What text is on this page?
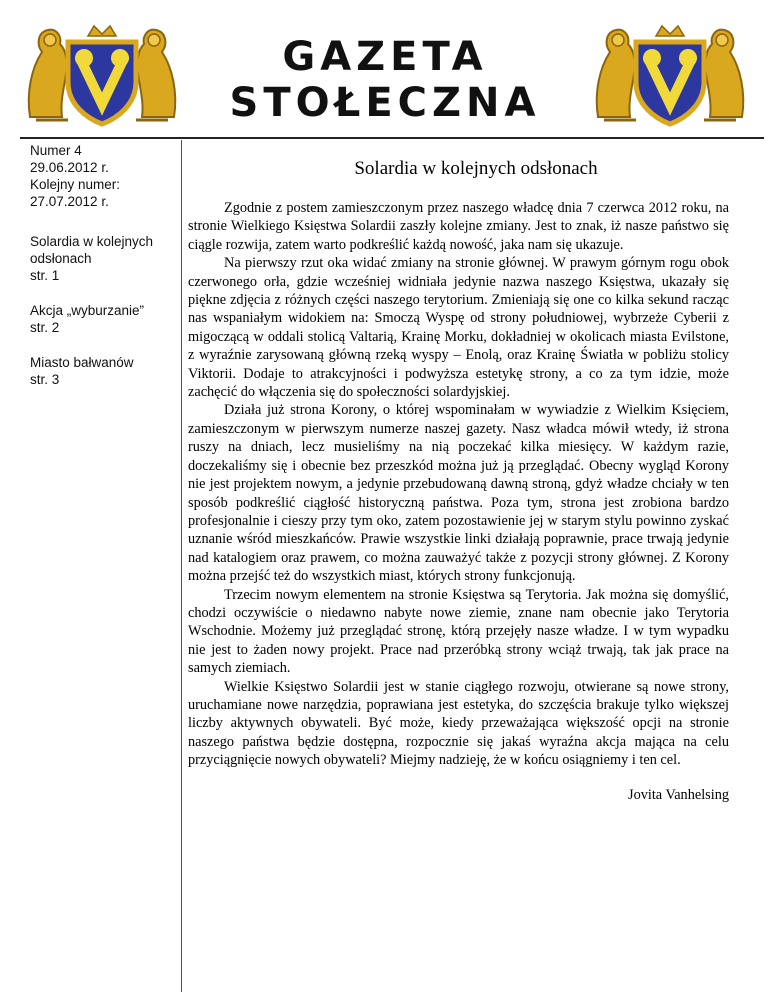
GAZETA
STOŁECZNA
Numer 4
29.06.2012 r.
Kolejny numer:
27.07.2012 r.
Solardia w kolejnych
odsłonach
str. 1
Akcja „wyburzanie”
str. 2
Miasto bałwanów
str. 3
Solardia w kolejnych odsłonach

Zgodnie z postem zamieszczonym przez naszego władcę dnia 7 czerwca 2012 roku, na stronie Wielkiego Księstwa Solardii zaszły kolejne zmiany. Jest to znak, iż nasze państwo się ciągle rozwija, zatem warto podkreślić każdą nowość, jaka nam się ukazuje.

Na pierwszy rzut oka widać zmiany na stronie głównej. W prawym górnym rogu obok czerwonego orła, gdzie wcześniej widniała jedynie nazwa naszego Księstwa, ukazały się piękne zdjęcia z różnych części naszego terytorium. Zmieniają się one co kilka sekund racząc nas wspaniałym widokiem na: Smoczą Wyspę od strony południowej, wybrzeże Cyberii z migoczącą w oddali stolicą Valtarią, Krainę Morku, dokładniej w okolicach miasta Evilstone, z wyraźnie zarysowaną główną rzeką wyspy – Enolą, oraz Krainę Światła w pobliżu stolicy Viktorii. Dodaje to atrakcyjności i podwyższa estetykę strony, a co za tym idzie, może zachęcić do włączenia się do społeczności solardyjskiej.

Działa już strona Korony, o której wspominałam w wywiadzie z Wielkim Księciem, zamieszczonym w pierwszym numerze naszej gazety. Nasz władca mówił wtedy, iż strona ruszy na dniach, lecz musieliśmy na nią poczekać kilka miesięcy. W każdym razie, doczekaliśmy się i obecnie bez przeszkód można już ją przeglądać. Obecny wygląd Korony nie jest projektem nowym, a jedynie przebudowaną dawną stroną, gdyż władze chciały w ten sposób podkreślić ciągłość historyczną państwa. Poza tym, strona jest zrobiona bardzo profesjonalnie i cieszy przy tym oko, zatem pozostawienie jej w starym stylu powinno zyskać uznanie wśród mieszkańców. Prawie wszystkie linki działają poprawnie, prace trwają jedynie nad katalogiem oraz prawem, co można zauważyć także z pozycji strony głównej. Z Korony można przejść też do wszystkich miast, których strony funkcjonują.

Trzecim nowym elementem na stronie Księstwa są Terytoria. Jak można się domyślić, chodzi oczywiście o niedawno nabyte nowe ziemie, znane nam obecnie jako Terytoria Wschodnie. Możemy już przeglądać stronę, którą przejęły nasze władze. I w tym wypadku nie jest to żaden nowy projekt. Prace nad przeróbką strony wciąż trwają, tak jak prace na samych ziemiach.

Wielkie Księstwo Solardii jest w stanie ciągłego rozwoju, otwierane są nowe strony, uruchamiane nowe narzędzia, poprawiana jest estetyka, do szczęścia brakuje tylko większej liczby aktywnych obywateli. Być może, kiedy przeważająca większość opcji na stronie naszego państwa będzie dostępna, rozpocznie się jakaś wyraźna akcja mająca na celu przyciągnięcie nowych obywateli? Miejmy nadzieję, że w końcu osiągniemy i ten cel.

Jovita Vanhelsing
